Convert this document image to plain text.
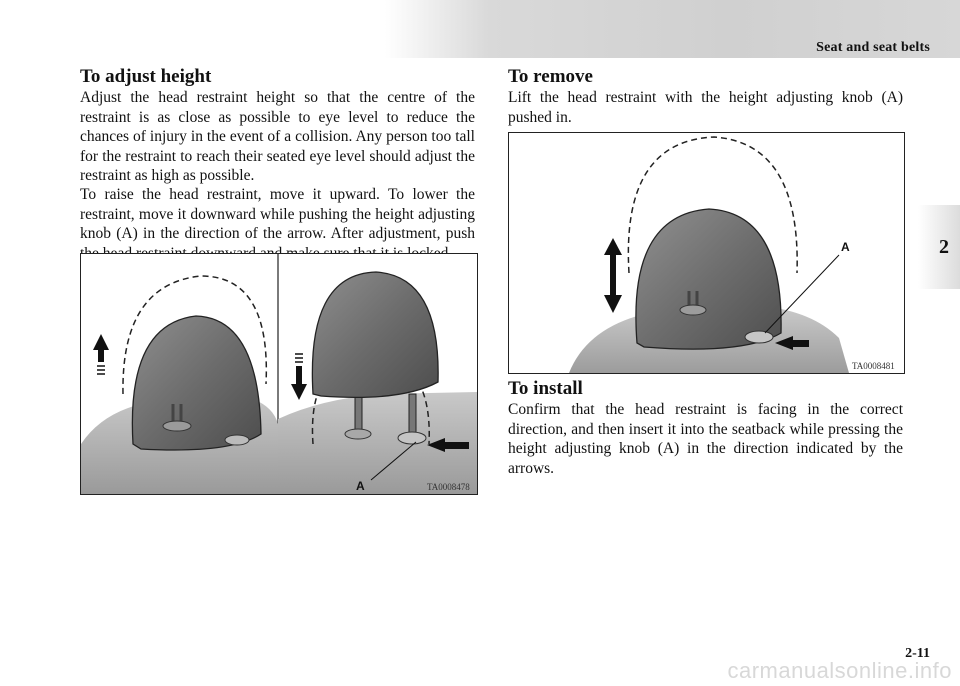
Seat and seat belts
2
To adjust height

Adjust the head restraint height so that the centre of the restraint is as close as possible to eye level to reduce the chances of injury in the event of a collision. Any person too tall for the restraint to reach their seated eye level should adjust the restraint as high as possible.

To raise the head restraint, move it upward. To lower the restraint, move it downward while pushing the height adjusting knob (A) in the direction of the arrow. After adjustment, push

A	TA0008478
To remove

Lift the head restraint with the height adjusting knob (A) pushed in.

A
TA0008481
To install

Confirm that the head restraint is facing in the correct direction, and then insert it into the seatback while pressing the height adjusting knob (A) in the direction indicated by the arrows.

2-11
carmanualsonline.info
